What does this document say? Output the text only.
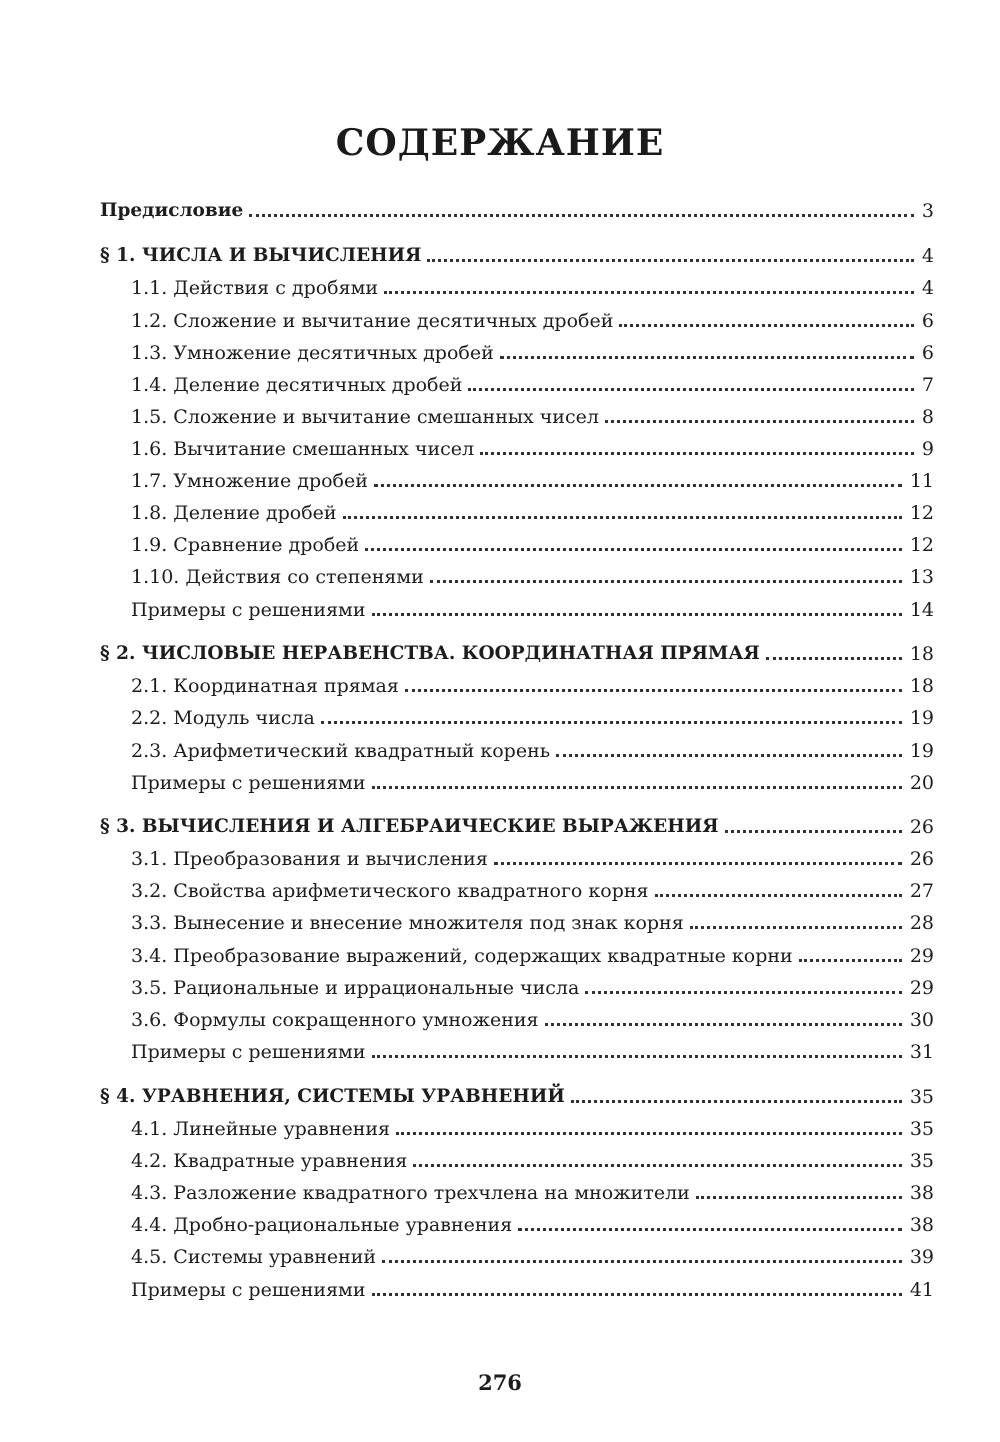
СОДЕРЖАНИЕ
Предисловие	3
§ 1. ЧИСЛА И ВЫЧИСЛЕНИЯ	4
1.1. Действия с дробями	4
1.2. Сложение и вычитание десятичных дробей	6
1.3. Умножение десятичных дробей	6
1.4. Деление десятичных дробей	7
1.5. Сложение и вычитание смешанных чисел	8
1.6. Вычитание смешанных чисел	9
1.7. Умножение дробей	11
1.8. Деление дробей	12
1.9. Сравнение дробей	12
1.10. Действия со степенями	13
Примеры с решениями	14
§ 2. ЧИСЛОВЫЕ НЕРАВЕНСТВА. КООРДИНАТНАЯ ПРЯМАЯ	18
2.1. Координатная прямая	18
2.2. Модуль числа	19
2.3. Арифметический квадратный корень	19
Примеры с решениями	20
§ 3. ВЫЧИСЛЕНИЯ И АЛГЕБРАИЧЕСКИЕ ВЫРАЖЕНИЯ	26
3.1. Преобразования и вычисления	26
3.2. Свойства арифметического квадратного корня	27
3.3. Вынесение и внесение множителя под знак корня	28
3.4. Преобразование выражений, содержащих квадратные корни	29
3.5. Рациональные и иррациональные числа	29
3.6. Формулы сокращенного умножения	30
Примеры с решениями	31
§ 4. УРАВНЕНИЯ, СИСТЕМЫ УРАВНЕНИЙ	35
4.1. Линейные уравнения	35
4.2. Квадратные уравнения	35
4.3. Разложение квадратного трехчлена на множители	38
4.4. Дробно-рациональные уравнения	38
4.5. Системы уравнений	39
Примеры с решениями	41
276
